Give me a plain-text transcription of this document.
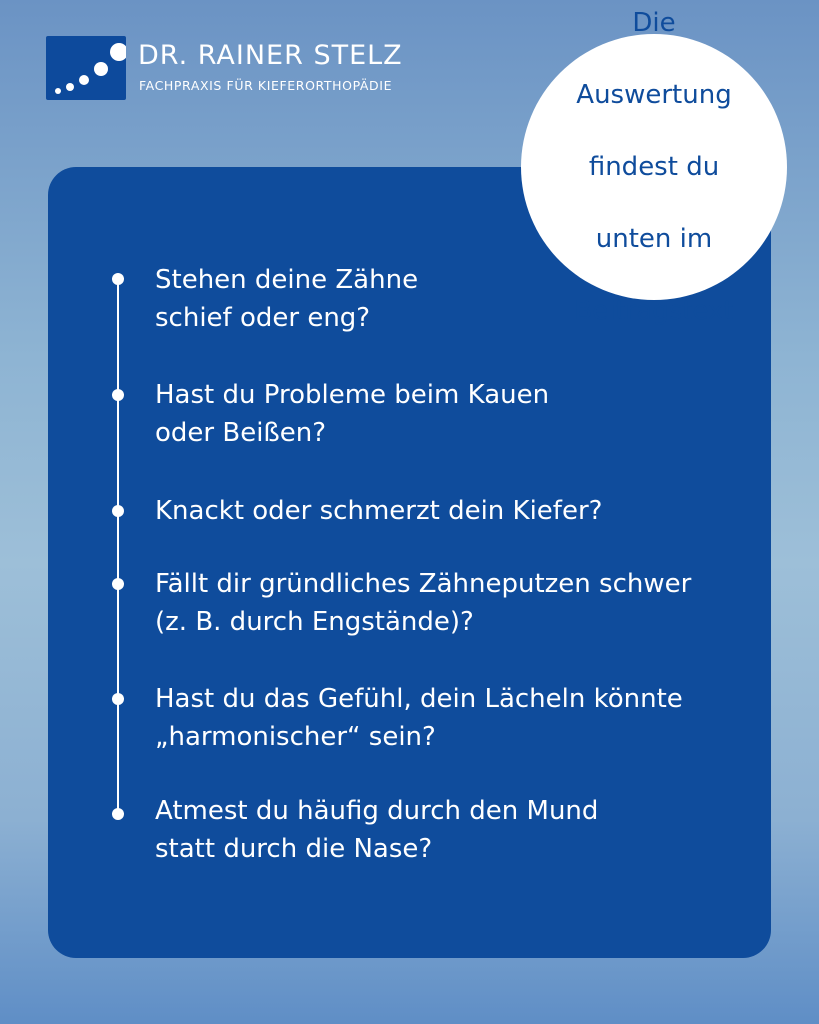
DR. RAINER STELZ
FACHPRAXIS FÜR KIEFERORTHOPÄDIE
Stehen deine Zähne
schief oder eng?
Hast du Probleme beim Kauen
oder Beißen?
Knackt oder schmerzt dein Kiefer?
Fällt dir gründliches Zähneputzen schwer
(z. B. durch Engstände)?
Hast du das Gefühl, dein Lächeln könnte
„harmonischer“ sein?
Atmest du häufig durch den Mund
statt durch die Nase?

Die

Auswertung

findest du

unten im

Beitragstext
